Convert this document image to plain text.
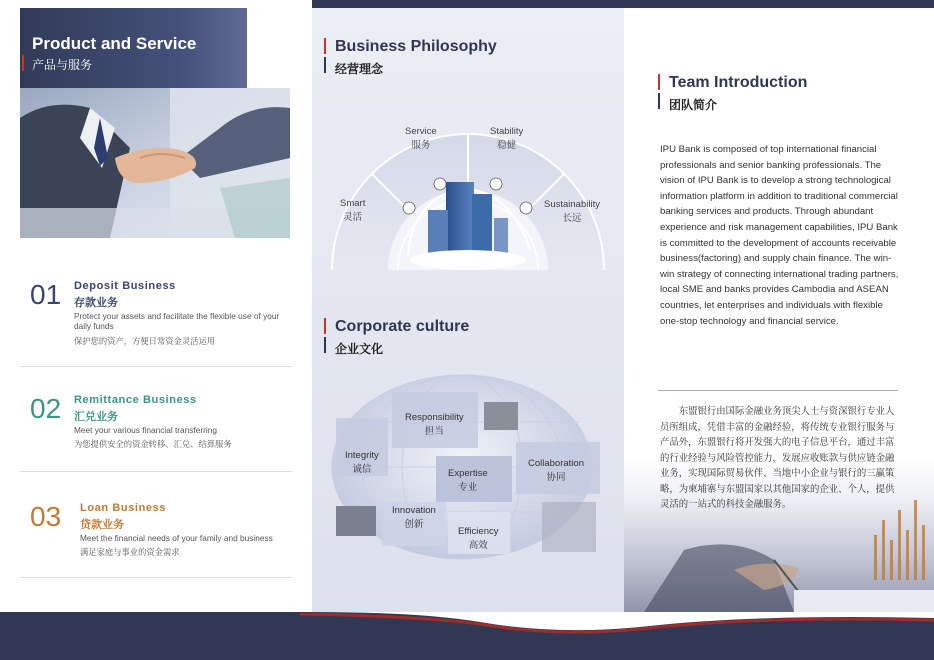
Product and Service
产品与服务
01 Deposit Business
存款业务
Protect your assets and facilitate the flexible use of your daily funds
保护您的资产，方便日常资金灵活运用
02 Remittance Business
汇兑业务
Meet your various financial transferring
为您提供安全的资金转移、汇兑、结算服务
03 Loan Business
贷款业务
Meet the financial needs of your family and business
满足家庭与事业的资金需求
Business Philosophy
经营理念
Smart
灵活
Service
服务
Stability
稳健
Sustainability
长远
Corporate culture
企业文化
Responsibility
担当
Integrity
诚信	Expertise
专业
Collaboration
协同
Innovation
创新
Efficiency
高效
Team Introduction
团队简介
IPU Bank is composed of top international financial professionals and senior banking professionals. The vision of IPU Bank is to develop a strong technological information platform in addition to traditional commercial banking services and products. Through abundant experience and risk management capabilities, IPU Bank is committed to the development of accounts receivable business(factoring) and supply chain finance. The win-win strategy of connecting international trading partners, local SME and banks provides Cambodia and ASEAN countries, let enterprises and individuals with flexible one-stop technology and financial service.
东盟银行由国际金融业务顶尖人士与资深银行专业人员所组成，凭借丰富的金融经验，将传统专业银行服务与产品外，东盟银行将开发强大的电子信息平台，通过丰富的行业经验与风险管控能力，发展应收账款与供应链金融业务，实现国际贸易伙伴、当地中小企业与银行的三赢策略，为柬埔寨与东盟国家以其他国家的企业、个人，提供灵活的一站式的科技金融服务。
